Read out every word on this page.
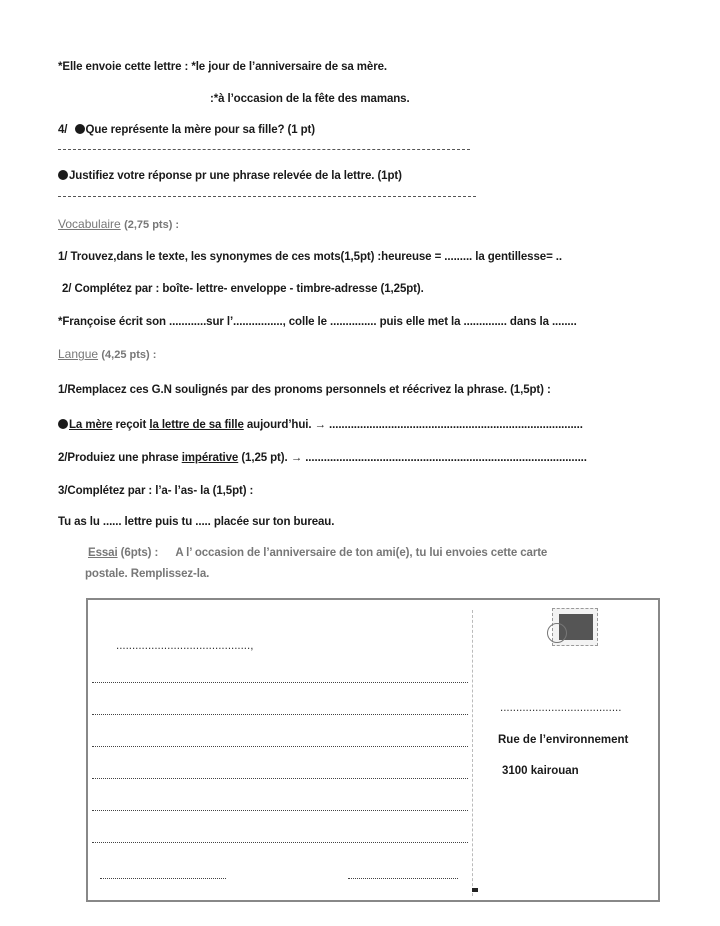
*Elle envoie cette lettre : *le jour de l’anniversaire de sa mère.
:*à l’occasion de la fête des mamans.
4/ Que représente la mère pour sa fille? (1 pt)
Justifiez votre réponse pr une phrase relevée de la lettre. (1pt)
Vocabulaire (2,75 pts) :
1/ Trouvez,dans le texte, les synonymes de ces mots(1,5pt) :heureuse = ......... la gentillesse= ..
2/ Complétez par : boîte- lettre- enveloppe - timbre-adresse (1,25pt).
*Françoise écrit son ............sur l’................, colle le ............... puis elle met la .............. dans la ........
Langue (4,25 pts) :
1/Remplacez ces G.N soulignés par des pronoms personnels et réécrivez la phrase. (1,5pt) :
La mère reçoit la lettre de sa fille aujourd’hui. → ..................................................................................
2/Produiez une phrase impérative (1,25 pt). → ...........................................................................................
3/Complétez par : l’a- l’as- la (1,5pt) :
Tu as lu ...... lettre puis tu ..... placée sur ton bureau.
Essai (6pts) : A l’ occasion de l’anniversaire de ton ami(e), tu lui envoies cette carte
postale. Remplissez-la.
..........................................,
......................................
Rue de l’environnement
3100 kairouan
